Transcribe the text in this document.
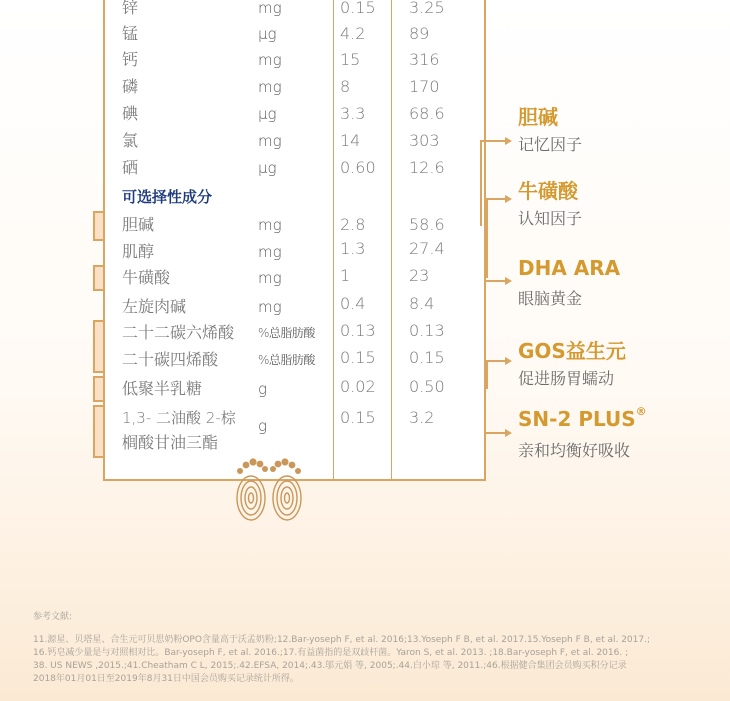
锌	mg	0.15 3.25
锰	μg	4.2	89
钙	mg	15	316
磷	mg	8	170
碘	μg	3.3	68.6
氯	mg	14	303
硒	μg	0.60 12.6
可选择性成分
胆碱	mg	2.8	58.6
肌醇	mg	1.3	27.4
牛磺酸	mg	1	23
左旋肉碱	mg	0.4	8.4
二十二碳六烯酸 %总脂肪酸 0.13 0.13
二十碳四烯酸	%总脂肪酸 0.15 0.15
低聚半乳糖	g	0.02 0.50
1,3- 二油酸 2-棕 g	0.15 3.2
榈酸甘油三酯
胆碱
记忆因子
牛磺酸
认知因子
DHA ARA
眼脑黄金
GOS益生元
促进肠胃蠕动
SN-2 PLUS®
亲和均衡好吸收
参考文献:
11.源星、贝塔星、合生元可贝思奶粉OPO含量高于沃孟奶粉;12.Bar-yoseph F, et al. 2016;13.Yoseph F B, et al. 2017.15.Yoseph F B, et al. 2017.;
16.钙皂减少量是与对照相对比。Bar-yoseph F, et al. 2016.;17.有益菌指的是双歧杆菌。Yaron S, et al. 2013. ;18.Bar-yoseph F, et al. 2016. ;
38. US NEWS ,2015.;41.Cheatham C L, 2015;.42.EFSA, 2014;.43.邬元娟 等, 2005;.44.白小琼 等, 2011.;46.根据健合集团会员购买积分记录
2018年01月01日至2019年8月31日中国会员购买记录统计所得。
